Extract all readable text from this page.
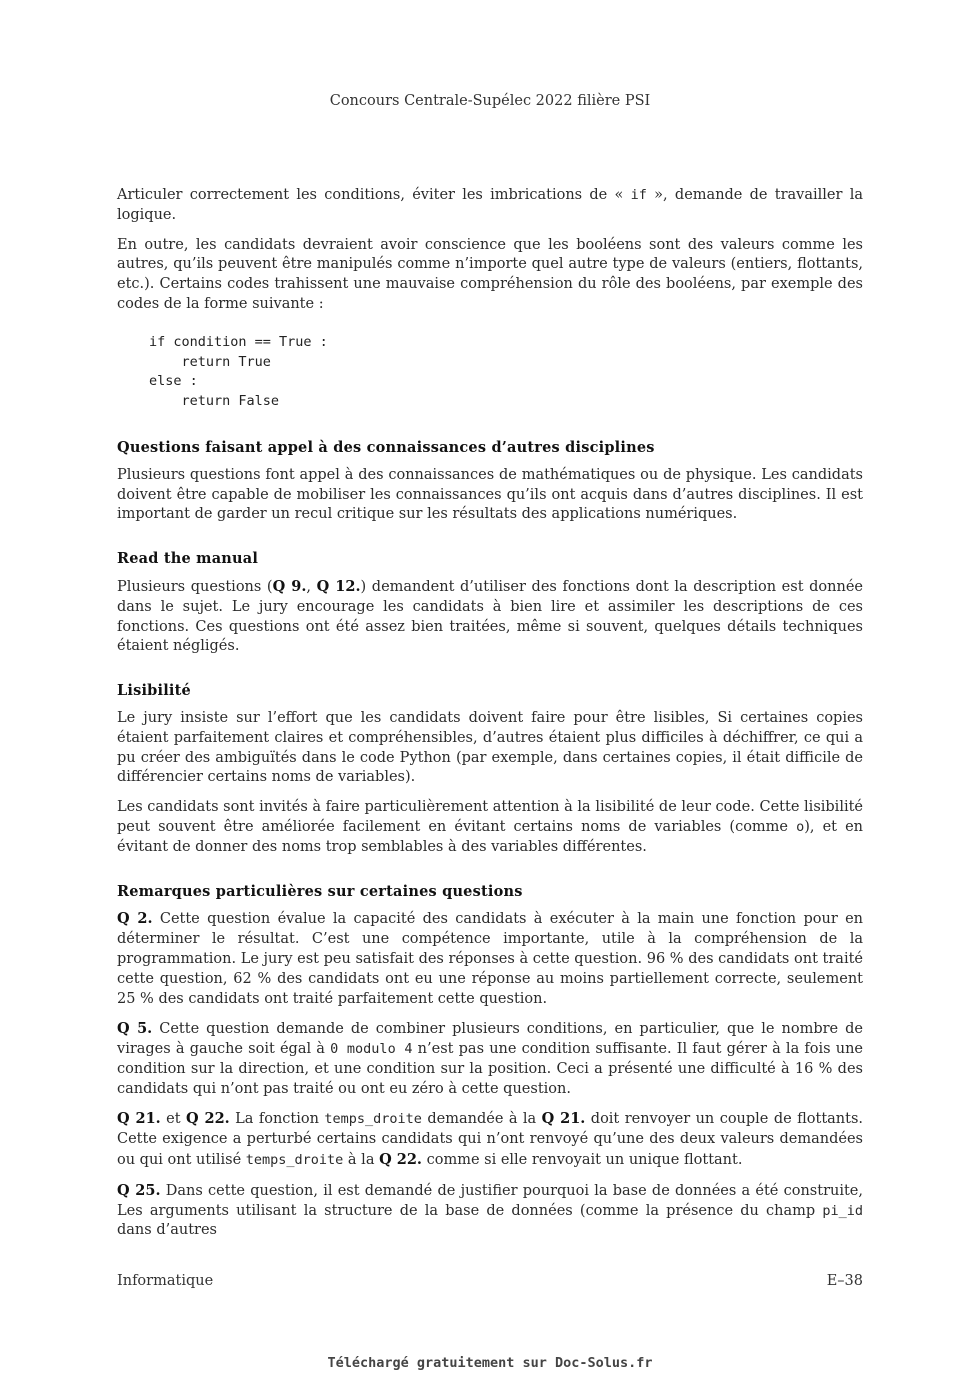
Concours Centrale-Supélec 2022 filière PSI

Articuler correctement les conditions, éviter les imbrications de « if », demande de travailler la logique.

En outre, les candidats devraient avoir conscience que les booléens sont des valeurs comme les autres, qu’ils peuvent être manipulés comme n’importe quel autre type de valeurs (entiers, flottants, etc.). Certains codes trahissent une mauvaise compréhension du rôle des booléens, par exemple des codes de la forme suivante :

if condition == True :
return True
else :
return False
Questions faisant appel à des connaissances d’autres disciplines

Plusieurs questions font appel à des connaissances de mathématiques ou de physique. Les candidats doivent être capable de mobiliser les connaissances qu’ils ont acquis dans d’autres disciplines. Il est important de garder un recul critique sur les résultats des applications numériques.

Read the manual

Plusieurs questions (Q 9., Q 12.) demandent d’utiliser des fonctions dont la description est donnée dans le sujet. Le jury encourage les candidats à bien lire et assimiler les descriptions de ces fonctions. Ces questions ont été assez bien traitées, même si souvent, quelques détails techniques étaient négligés.

Lisibilité

Le jury insiste sur l’effort que les candidats doivent faire pour être lisibles, Si certaines copies étaient parfaitement claires et compréhensibles, d’autres étaient plus difficiles à déchiffrer, ce qui a pu créer des ambiguïtés dans le code Python (par exemple, dans certaines copies, il était difficile de différencier certains noms de variables).

Les candidats sont invités à faire particulièrement attention à la lisibilité de leur code. Cette lisibilité peut souvent être améliorée facilement en évitant certains noms de variables (comme o), et en évitant de donner des noms trop semblables à des variables différentes.

Remarques particulières sur certaines questions

Q 2. Cette question évalue la capacité des candidats à exécuter à la main une fonction pour en déterminer le résultat. C’est une compétence importante, utile à la compréhension de la programmation. Le jury est peu satisfait des réponses à cette question. 96 % des candidats ont traité cette question, 62 % des candidats ont eu une réponse au moins partiellement correcte, seulement 25 % des candidats ont traité parfaitement cette question.

Q 5. Cette question demande de combiner plusieurs conditions, en particulier, que le nombre de virages à gauche soit égal à 0 modulo 4 n’est pas une condition suffisante. Il faut gérer à la fois une condition sur la direction, et une condition sur la position. Ceci a présenté une difficulté à 16 % des candidats qui n’ont pas traité ou ont eu zéro à cette question.

Q 21. et Q 22. La fonction temps_droite demandée à la Q 21. doit renvoyer un couple de flottants. Cette exigence a perturbé certains candidats qui n’ont renvoyé qu’une des deux valeurs demandées ou qui ont utilisé temps_droite à la Q 22. comme si elle renvoyait un unique flottant.

Q 25. Dans cette question, il est demandé de justifier pourquoi la base de données a été construite, Les arguments utilisant la structure de la base de données (comme la présence du champ pi_id dans d’autres

Informatique	E–38
Téléchargé gratuitement sur Doc-Solus.fr
